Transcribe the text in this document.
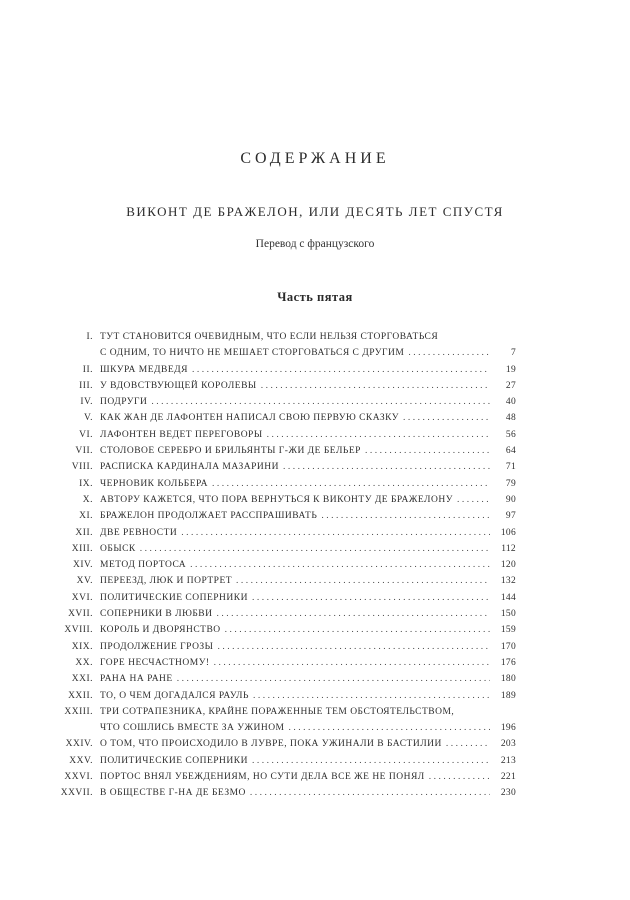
СОДЕРЖАНИЕ
ВИКОНТ ДЕ БРАЖЕЛОН, ИЛИ ДЕСЯТЬ ЛЕТ СПУСТЯ
Перевод с французского
Часть пятая
I. ТУТ СТАНОВИТСЯ ОЧЕВИДНЫМ, ЧТО ЕСЛИ НЕЛЬЗЯ СТОРГОВАТЬСЯ
С ОДНИМ, ТО НИЧТО НЕ МЕШАЕТ СТОРГОВАТЬСЯ С ДРУГИМ .....	7
II. ШКУРА МЕДВЕДЯ .....	19
III. У ВДОВСТВУЮЩЕЙ КОРОЛЕВЫ .....	27
IV. ПОДРУГИ .....	40
V. КАК ЖАН ДЕ ЛАФОНТЕН НАПИСАЛ СВОЮ ПЕРВУЮ СКАЗКУ .....	48
VI. ЛАФОНТЕН ВЕДЕТ ПЕРЕГОВОРЫ .....	56
VII. СТОЛОВОЕ СЕРЕБРО И БРИЛЬЯНТЫ Г-ЖИ ДЕ БЕЛЬЕР .....	64
VIII. РАСПИСКА КАРДИНАЛА МАЗАРИНИ .....	71
IX. ЧЕРНОВИК КОЛЬБЕРА .....	79
X. АВТОРУ КАЖЕТСЯ, ЧТО ПОРА ВЕРНУТЬСЯ К ВИКОНТУ ДЕ БРАЖЕЛОНУ .....	90
XI. БРАЖЕЛОН ПРОДОЛЖАЕТ РАССПРАШИВАТЬ .....	97
XII. ДВЕ РЕВНОСТИ .....	106
XIII. ОБЫСК .....	112
XIV. МЕТОД ПОРТОСА .....	120
XV. ПЕРЕЕЗД, ЛЮК И ПОРТРЕТ .....	132
XVI. ПОЛИТИЧЕСКИЕ СОПЕРНИКИ .....	144
XVII. СОПЕРНИКИ В ЛЮБВИ .....	150
XVIII. КОРОЛЬ И ДВОРЯНСТВО .....	159
XIX. ПРОДОЛЖЕНИЕ ГРОЗЫ .....	170
XX. ГОРЕ НЕСЧАСТНОМУ! .....	176
XXI. РАНА НА РАНЕ .....	180
XXII. ТО, О ЧЕМ ДОГАДАЛСЯ РАУЛЬ .....	189
XXIII. ТРИ СОТРАПЕЗНИКА, КРАЙНЕ ПОРАЖЕННЫЕ ТЕМ ОБСТОЯТЕЛЬСТВОМ,
ЧТО СОШЛИСЬ ВМЕСТЕ ЗА УЖИНОМ .....	196
XXIV. О ТОМ, ЧТО ПРОИСХОДИЛО В ЛУВРЕ, ПОКА УЖИНАЛИ В БАСТИЛИИ .....	203
XXV. ПОЛИТИЧЕСКИЕ СОПЕРНИКИ .....	213
XXVI. ПОРТОС ВНЯЛ УБЕЖДЕНИЯМ, НО СУТИ ДЕЛА ВСЕ ЖЕ НЕ ПОНЯЛ .....	221
XXVII. В ОБЩЕСТВЕ Г-НА ДЕ БЕЗМО .....	230
